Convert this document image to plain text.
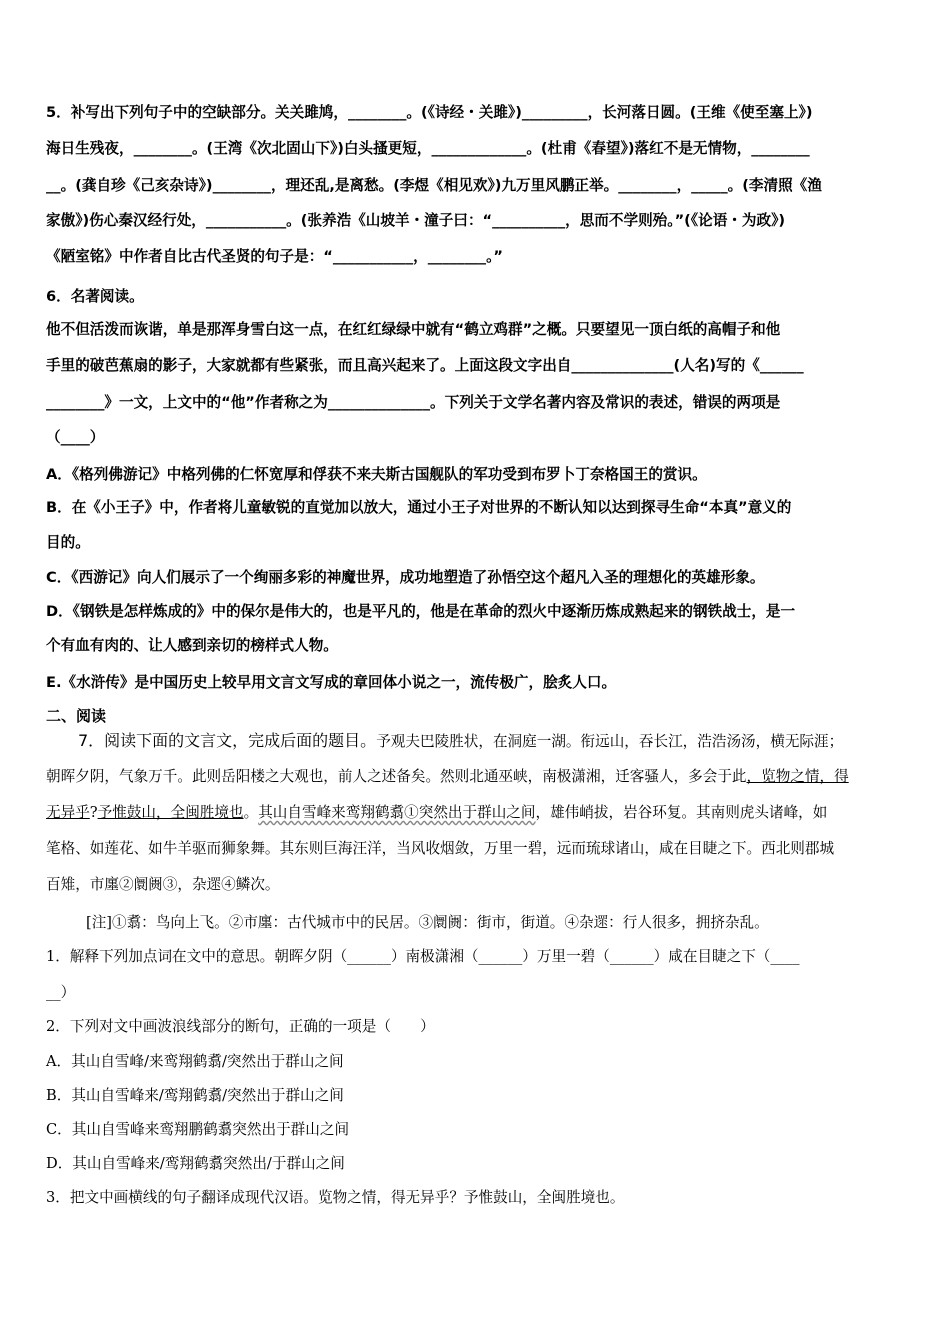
5．补写出下列句子中的空缺部分。关关雎鸠，________。(《诗经・关雎》)_________，长河落日圆。(王维《使至塞上》)
海日生残夜，________。(王湾《次北固山下》)白头搔更短，_____________。(杜甫《春望》)落红不是无情物，________
__。(龚自珍《己亥杂诗》)________，理还乱,是离愁。(李煜《相见欢》)九万里风鹏正举。________，_____。(李清照《渔
家傲》)伤心秦汉经行处，___________。(张养浩《山坡羊・潼子曰：“__________，思而不学则殆。”(《论语・为政》)
《陋室铭》中作者自比古代圣贤的句子是：“___________，________。”
6．名著阅读。
他不但活泼而诙谐，单是那浑身雪白这一点，在红红绿绿中就有“鹤立鸡群”之概。只要望见一顶白纸的高帽子和他
手里的破芭蕉扇的影子，大家就都有些紧张，而且高兴起来了。上面这段文字出自______________(人名)写的《______
________》一文，上文中的“他”作者称之为______________。下列关于文学名著内容及常识的表述，错误的两项是
（____）
A．《格列佛游记》中格列佛的仁怀宽厚和俘获不来夫斯古国舰队的军功受到布罗卜丁奈格国王的赏识。
B．在《小王子》中，作者将儿童敏锐的直觉加以放大，通过小王子对世界的不断认知以达到探寻生命“本真”意义的
目的。
C．《西游记》向人们展示了一个绚丽多彩的神魔世界，成功地塑造了孙悟空这个超凡入圣的理想化的英雄形象。
D．《钢铁是怎样炼成的》中的保尔是伟大的，也是平凡的，他是在革命的烈火中逐渐历炼成熟起来的钢铁战士，是一
个有血有肉的、让人感到亲切的榜样式人物。
E.《水浒传》是中国历史上较早用文言文写成的章回体小说之一，流传极广，脍炙人口。
二、阅读
7．阅读下面的文言文，完成后面的题目。予观夫巴陵胜状，在洞庭一湖。衔远山，吞长江，浩浩汤汤，横无际涯；
朝晖夕阴，气象万千。此则岳阳楼之大观也，前人之述备矣。然则北通巫峡，南极潇湘，迁客骚人，多会于此，览物之情，得
无异乎?予惟鼓山，全闽胜境也。其山自雪峰来鸾翔鹤翥①突然出于群山之间，雄伟峭拔，岩谷环复。其南则虎头诸峰，如
笔格、如莲花、如牛羊驱而狮象舞。其东则巨海汪洋，当风收烟敛，万里一碧，远而琉球诸山，咸在目睫之下。西北则郡城
百雉，市廛②阛阓③，杂遝④鳞次。
[注]①翥：鸟向上飞。②市廛：古代城市中的民居。③阛阓：街市，街道。④杂遝：行人很多，拥挤杂乱。
1．解释下列加点词在文中的意思。朝晖夕阴（______）南极潇湘（______）万里一碧（______）咸在目睫之下（____
__）
2．下列对文中画波浪线部分的断句，正确的一项是（　　）
A．其山自雪峰/来鸾翔鹤翥/突然出于群山之间
B．其山自雪峰来/鸾翔鹤翥/突然出于群山之间
C．其山自雪峰来鸾翔鹏鹤翥突然出于群山之间
D．其山自雪峰来/鸾翔鹤翥突然出/于群山之间
3．把文中画横线的句子翻译成现代汉语。览物之情，得无异乎？予惟鼓山，全闽胜境也。
